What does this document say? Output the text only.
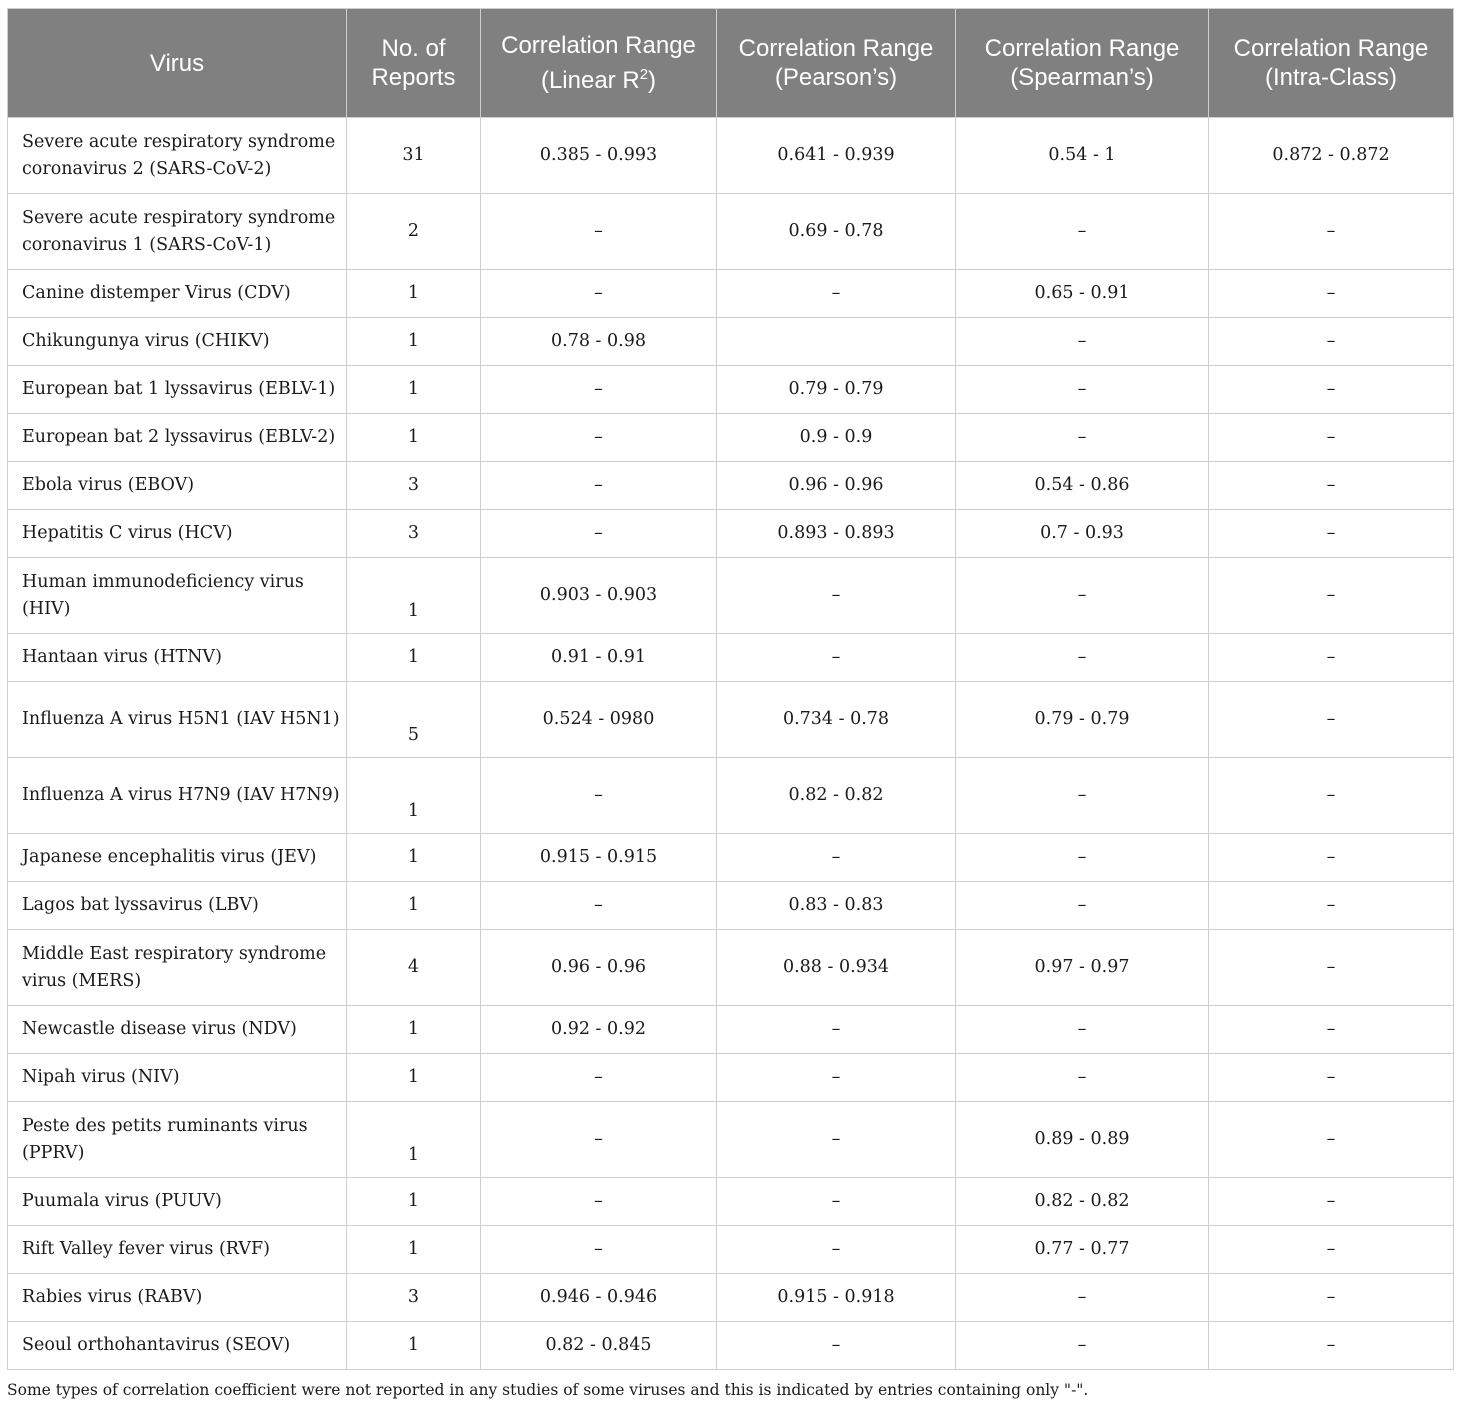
Virus	No. of Reports	Correlation Range (Linear $R^2$)	Correlation Range (Pearson’s)	Correlation Range (Spearman’s)	Correlation Range (Intra-Class)
Severe acute respiratory syndrome coronavirus 2 (SARS-CoV-2)	31	0.385 - 0.993	0.641 - 0.939	0.54 - 1	0.872 - 0.872
Severe acute respiratory syndrome coronavirus 1 (SARS-CoV-1)	2	–	0.69 - 0.78	–	–
Canine distemper Virus (CDV)	1	–	–	0.65 - 0.91	–
Chikungunya virus (CHIKV)	1	0.78 - 0.98		–	–
European bat 1 lyssavirus (EBLV-1)	1	–	0.79 - 0.79	–	–
European bat 2 lyssavirus (EBLV-2)	1	–	0.9 - 0.9	–	–
Ebola virus (EBOV)	3	–	0.96 - 0.96	0.54 - 0.86	–
Hepatitis C virus (HCV)	3	–	0.893 - 0.893	0.7 - 0.93	–
Human immunodeficiency virus (HIV)	1	0.903 - 0.903	–	–	–
Hantaan virus (HTNV)	1	0.91 - 0.91	–	–	–
Influenza A virus H5N1 (IAV H5N1)	5	0.524 - 0980	0.734 - 0.78	0.79 - 0.79	–
Influenza A virus H7N9 (IAV H7N9)	1	–	0.82 - 0.82	–	–
Japanese encephalitis virus (JEV)	1	0.915 - 0.915	–	–	–
Lagos bat lyssavirus (LBV)	1	–	0.83 - 0.83	–	–
Middle East respiratory syndrome virus (MERS)	4	0.96 - 0.96	0.88 - 0.934	0.97 - 0.97	–
Newcastle disease virus (NDV)	1	0.92 - 0.92	–	–	–
Nipah virus (NIV)	1	–	–	–	–
Peste des petits ruminants virus (PPRV)	1	–	–	0.89 - 0.89	–
Puumala virus (PUUV)	1	–	–	0.82 - 0.82	–
Rift Valley fever virus (RVF)	1	–	–	0.77 - 0.77	–
Rabies virus (RABV)	3	0.946 - 0.946	0.915 - 0.918	–	–
Seoul orthohantavirus (SEOV)	1	0.82 - 0.845	–	–	–
Some types of correlation coefficient were not reported in any studies of some viruses and this is indicated by entries containing only "-".
